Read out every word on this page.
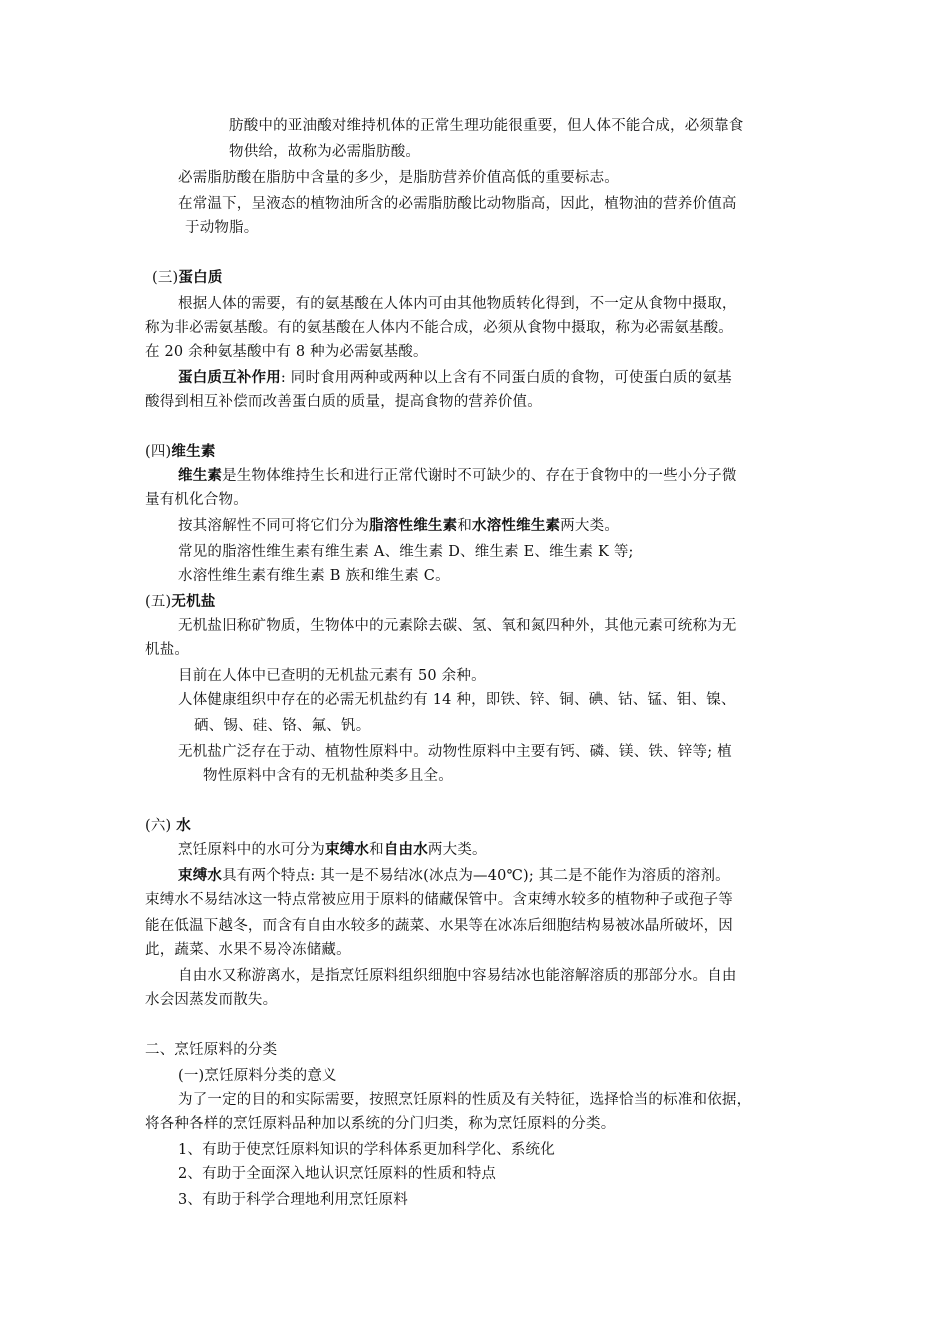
肪酸中的亚油酸对维持机体的正常生理功能很重要，但人体不能合成，必须靠食
物供给，故称为必需脂肪酸。
必需脂肪酸在脂肪中含量的多少，是脂肪营养价值高低的重要标志。
在常温下，呈液态的植物油所含的必需脂肪酸比动物脂高，因此，植物油的营养价值高
于动物脂。
(三)蛋白质
根据人体的需要，有的氨基酸在人体内可由其他物质转化得到，不一定从食物中摄取，
称为非必需氨基酸。有的氨基酸在人体内不能合成，必须从食物中摄取，称为必需氨基酸。
在 20 余种氨基酸中有 8 种为必需氨基酸。
蛋白质互补作用: 同时食用两种或两种以上含有不同蛋白质的食物，可使蛋白质的氨基
酸得到相互补偿而改善蛋白质的质量，提高食物的营养价值。
(四)维生素
维生素是生物体维持生长和进行正常代谢时不可缺少的、存在于食物中的一些小分子微
量有机化合物。
按其溶解性不同可将它们分为脂溶性维生素和水溶性维生素两大类。
常见的脂溶性维生素有维生素 A、维生素 D、维生素 E、维生素 K 等;
水溶性维生素有维生素 B 族和维生素 C。
(五)无机盐
无机盐旧称矿物质，生物体中的元素除去碳、氢、氧和氮四种外，其他元素可统称为无
机盐。
目前在人体中已查明的无机盐元素有 50 余种。
人体健康组织中存在的必需无机盐约有 14 种，即铁、锌、铜、碘、钴、锰、钼、镍、
硒、锡、硅、铬、氟、钒。
无机盐广泛存在于动、植物性原料中。动物性原料中主要有钙、磷、镁、铁、锌等; 植
物性原料中含有的无机盐种类多且全。
(六) 水
烹饪原料中的水可分为束缚水和自由水两大类。
束缚水具有两个特点: 其一是不易结冰(冰点为—40℃); 其二是不能作为溶质的溶剂。
束缚水不易结冰这一特点常被应用于原料的储藏保管中。含束缚水较多的植物种子或孢子等
能在低温下越冬，而含有自由水较多的蔬菜、水果等在冰冻后细胞结构易被冰晶所破坏，因
此，蔬菜、水果不易冷冻储藏。
自由水又称游离水，是指烹饪原料组织细胞中容易结冰也能溶解溶质的那部分水。自由
水会因蒸发而散失。
二、烹饪原料的分类
(一)烹饪原料分类的意义
为了一定的目的和实际需要，按照烹饪原料的性质及有关特征，选择恰当的标准和依据，
将各种各样的烹饪原料品种加以系统的分门归类，称为烹饪原料的分类。
1、有助于使烹饪原料知识的学科体系更加科学化、系统化
2、有助于全面深入地认识烹饪原料的性质和特点
3、有助于科学合理地利用烹饪原料
